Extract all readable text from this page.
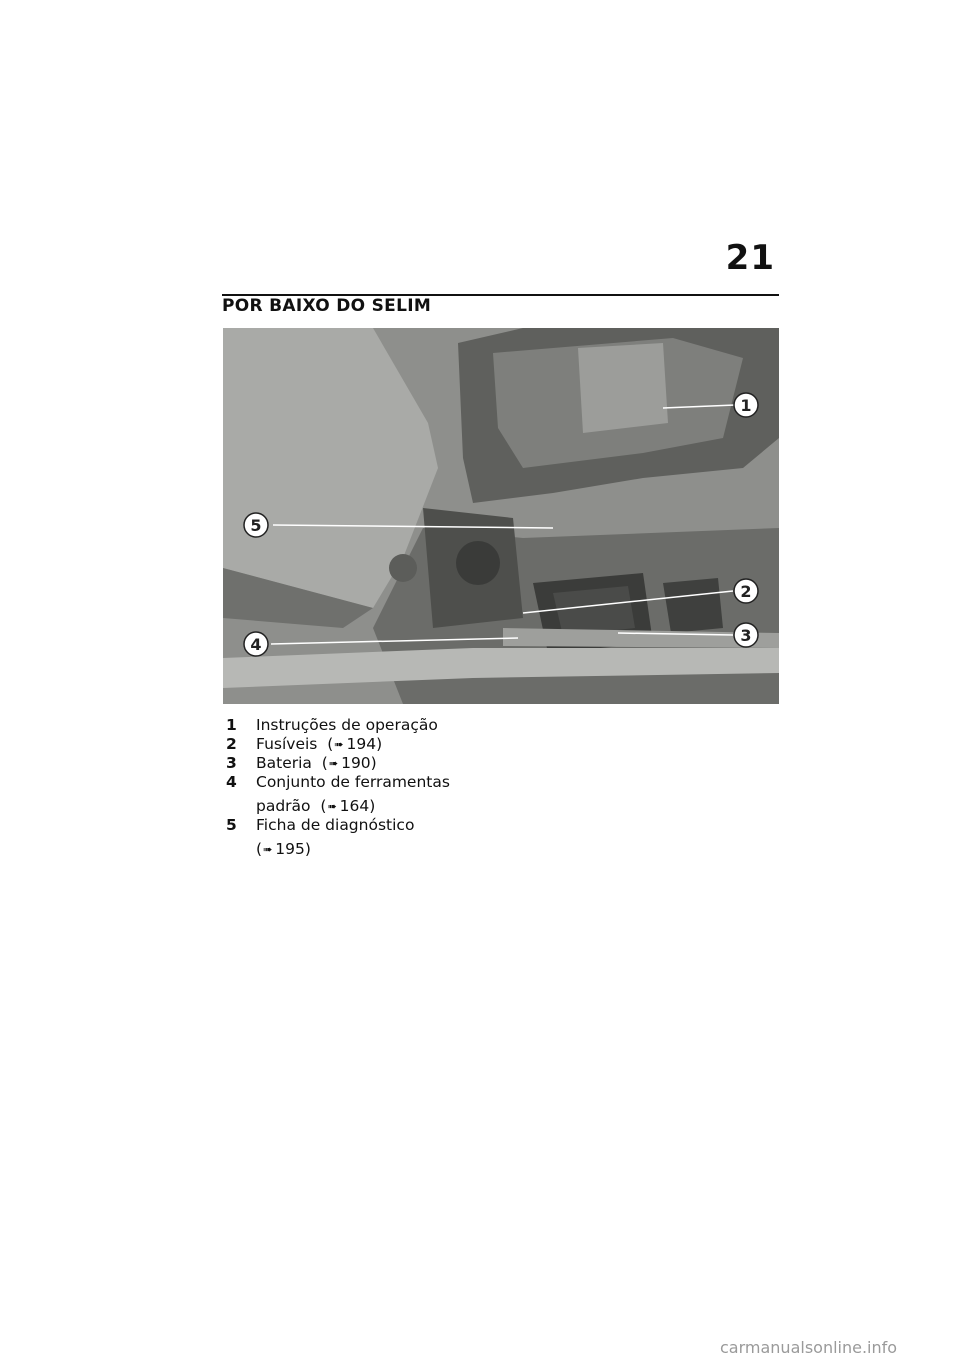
21
POR BAIXO DO SELIM
1
5
2
3
4
1	Instruções de operação
2	Fusíveis (➠ 194)
3	Bateria (➠ 190)
4	Conjunto de ferramentas
padrão (➠ 164)
5	Ficha de diagnóstico
(➠ 195)
carmanualsonline.info
